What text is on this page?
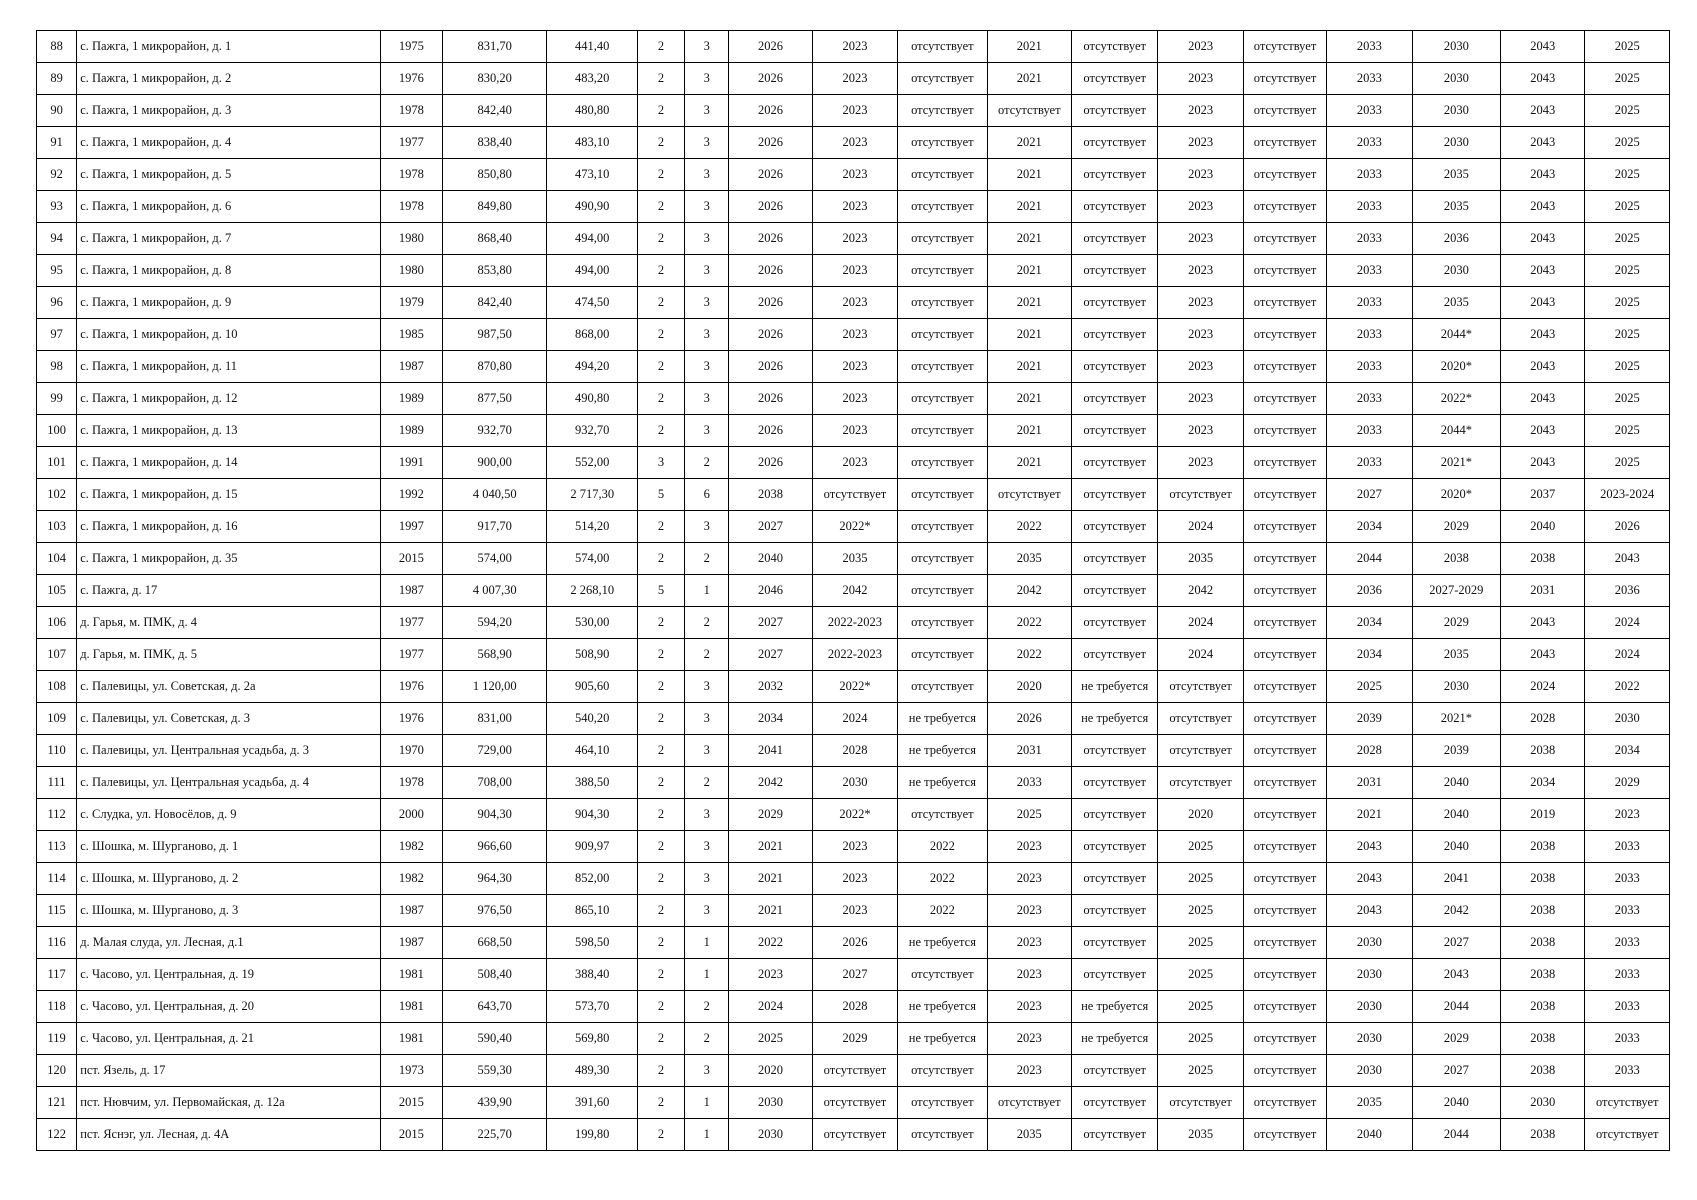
88	с. Пажга, 1 микрорайон, д. 1	1975	831,70	441,40	2	3	2026	2023	отсутствует	2021	отсутствует	2023	отсутствует	2033	2030	2043	2025
89	с. Пажга, 1 микрорайон, д. 2	1976	830,20	483,20	2	3	2026	2023	отсутствует	2021	отсутствует	2023	отсутствует	2033	2030	2043	2025
90	с. Пажга, 1 микрорайон, д. 3	1978	842,40	480,80	2	3	2026	2023	отсутствует	отсутствует	отсутствует	2023	отсутствует	2033	2030	2043	2025
91	с. Пажга, 1 микрорайон, д. 4	1977	838,40	483,10	2	3	2026	2023	отсутствует	2021	отсутствует	2023	отсутствует	2033	2030	2043	2025
92	с. Пажга, 1 микрорайон, д. 5	1978	850,80	473,10	2	3	2026	2023	отсутствует	2021	отсутствует	2023	отсутствует	2033	2035	2043	2025
93	с. Пажга, 1 микрорайон, д. 6	1978	849,80	490,90	2	3	2026	2023	отсутствует	2021	отсутствует	2023	отсутствует	2033	2035	2043	2025
94	с. Пажга, 1 микрорайон, д. 7	1980	868,40	494,00	2	3	2026	2023	отсутствует	2021	отсутствует	2023	отсутствует	2033	2036	2043	2025
95	с. Пажга, 1 микрорайон, д. 8	1980	853,80	494,00	2	3	2026	2023	отсутствует	2021	отсутствует	2023	отсутствует	2033	2030	2043	2025
96	с. Пажга, 1 микрорайон, д. 9	1979	842,40	474,50	2	3	2026	2023	отсутствует	2021	отсутствует	2023	отсутствует	2033	2035	2043	2025
97	с. Пажга, 1 микрорайон, д. 10	1985	987,50	868,00	2	3	2026	2023	отсутствует	2021	отсутствует	2023	отсутствует	2033	2044*	2043	2025
98	с. Пажга, 1 микрорайон, д. 11	1987	870,80	494,20	2	3	2026	2023	отсутствует	2021	отсутствует	2023	отсутствует	2033	2020*	2043	2025
99	с. Пажга, 1 микрорайон, д. 12	1989	877,50	490,80	2	3	2026	2023	отсутствует	2021	отсутствует	2023	отсутствует	2033	2022*	2043	2025
100	с. Пажга, 1 микрорайон, д. 13	1989	932,70	932,70	2	3	2026	2023	отсутствует	2021	отсутствует	2023	отсутствует	2033	2044*	2043	2025
101	с. Пажга, 1 микрорайон, д. 14	1991	900,00	552,00	3	2	2026	2023	отсутствует	2021	отсутствует	2023	отсутствует	2033	2021*	2043	2025
102	с. Пажга, 1 микрорайон, д. 15	1992	4 040,50	2 717,30	5	6	2038	отсутствует	отсутствует	отсутствует	отсутствует	отсутствует	отсутствует	2027	2020*	2037	2023-2024
103	с. Пажга, 1 микрорайон, д. 16	1997	917,70	514,20	2	3	2027	2022*	отсутствует	2022	отсутствует	2024	отсутствует	2034	2029	2040	2026
104	с. Пажга, 1 микрорайон, д. 35	2015	574,00	574,00	2	2	2040	2035	отсутствует	2035	отсутствует	2035	отсутствует	2044	2038	2038	2043
105	с. Пажга, д. 17	1987	4 007,30	2 268,10	5	1	2046	2042	отсутствует	2042	отсутствует	2042	отсутствует	2036	2027-2029	2031	2036
106	д. Гарья, м. ПМК, д. 4	1977	594,20	530,00	2	2	2027	2022-2023	отсутствует	2022	отсутствует	2024	отсутствует	2034	2029	2043	2024
107	д. Гарья, м. ПМК, д. 5	1977	568,90	508,90	2	2	2027	2022-2023	отсутствует	2022	отсутствует	2024	отсутствует	2034	2035	2043	2024
108	с. Палевицы, ул. Советская, д. 2а	1976	1 120,00	905,60	2	3	2032	2022*	отсутствует	2020	не требуется	отсутствует	отсутствует	2025	2030	2024	2022
109	с. Палевицы, ул. Советская, д. 3	1976	831,00	540,20	2	3	2034	2024	не требуется	2026	не требуется	отсутствует	отсутствует	2039	2021*	2028	2030
110	с. Палевицы, ул. Центральная усадьба, д. 3	1970	729,00	464,10	2	3	2041	2028	не требуется	2031	отсутствует	отсутствует	отсутствует	2028	2039	2038	2034
111	с. Палевицы, ул. Центральная усадьба, д. 4	1978	708,00	388,50	2	2	2042	2030	не требуется	2033	отсутствует	отсутствует	отсутствует	2031	2040	2034	2029
112	с. Слудка, ул. Новосёлов, д. 9	2000	904,30	904,30	2	3	2029	2022*	отсутствует	2025	отсутствует	2020	отсутствует	2021	2040	2019	2023
113	с. Шошка, м. Шурганово, д. 1	1982	966,60	909,97	2	3	2021	2023	2022	2023	отсутствует	2025	отсутствует	2043	2040	2038	2033
114	с. Шошка, м. Шурганово, д. 2	1982	964,30	852,00	2	3	2021	2023	2022	2023	отсутствует	2025	отсутствует	2043	2041	2038	2033
115	с. Шошка, м. Шурганово, д. 3	1987	976,50	865,10	2	3	2021	2023	2022	2023	отсутствует	2025	отсутствует	2043	2042	2038	2033
116	д. Малая слуда, ул. Лесная, д.1	1987	668,50	598,50	2	1	2022	2026	не требуется	2023	отсутствует	2025	отсутствует	2030	2027	2038	2033
117	с. Часово, ул. Центральная, д. 19	1981	508,40	388,40	2	1	2023	2027	отсутствует	2023	отсутствует	2025	отсутствует	2030	2043	2038	2033
118	с. Часово, ул. Центральная, д. 20	1981	643,70	573,70	2	2	2024	2028	не требуется	2023	не требуется	2025	отсутствует	2030	2044	2038	2033
119	с. Часово, ул. Центральная, д. 21	1981	590,40	569,80	2	2	2025	2029	не требуется	2023	не требуется	2025	отсутствует	2030	2029	2038	2033
120	пст. Язель, д. 17	1973	559,30	489,30	2	3	2020	отсутствует	отсутствует	2023	отсутствует	2025	отсутствует	2030	2027	2038	2033
121	пст. Нювчим, ул. Первомайская, д. 12а	2015	439,90	391,60	2	1	2030	отсутствует	отсутствует	отсутствует	отсутствует	отсутствует	отсутствует	2035	2040	2030	отсутствует
122	пст. Яснэг, ул. Лесная, д. 4А	2015	225,70	199,80	2	1	2030	отсутствует	отсутствует	2035	отсутствует	2035	отсутствует	2040	2044	2038	отсутствует
